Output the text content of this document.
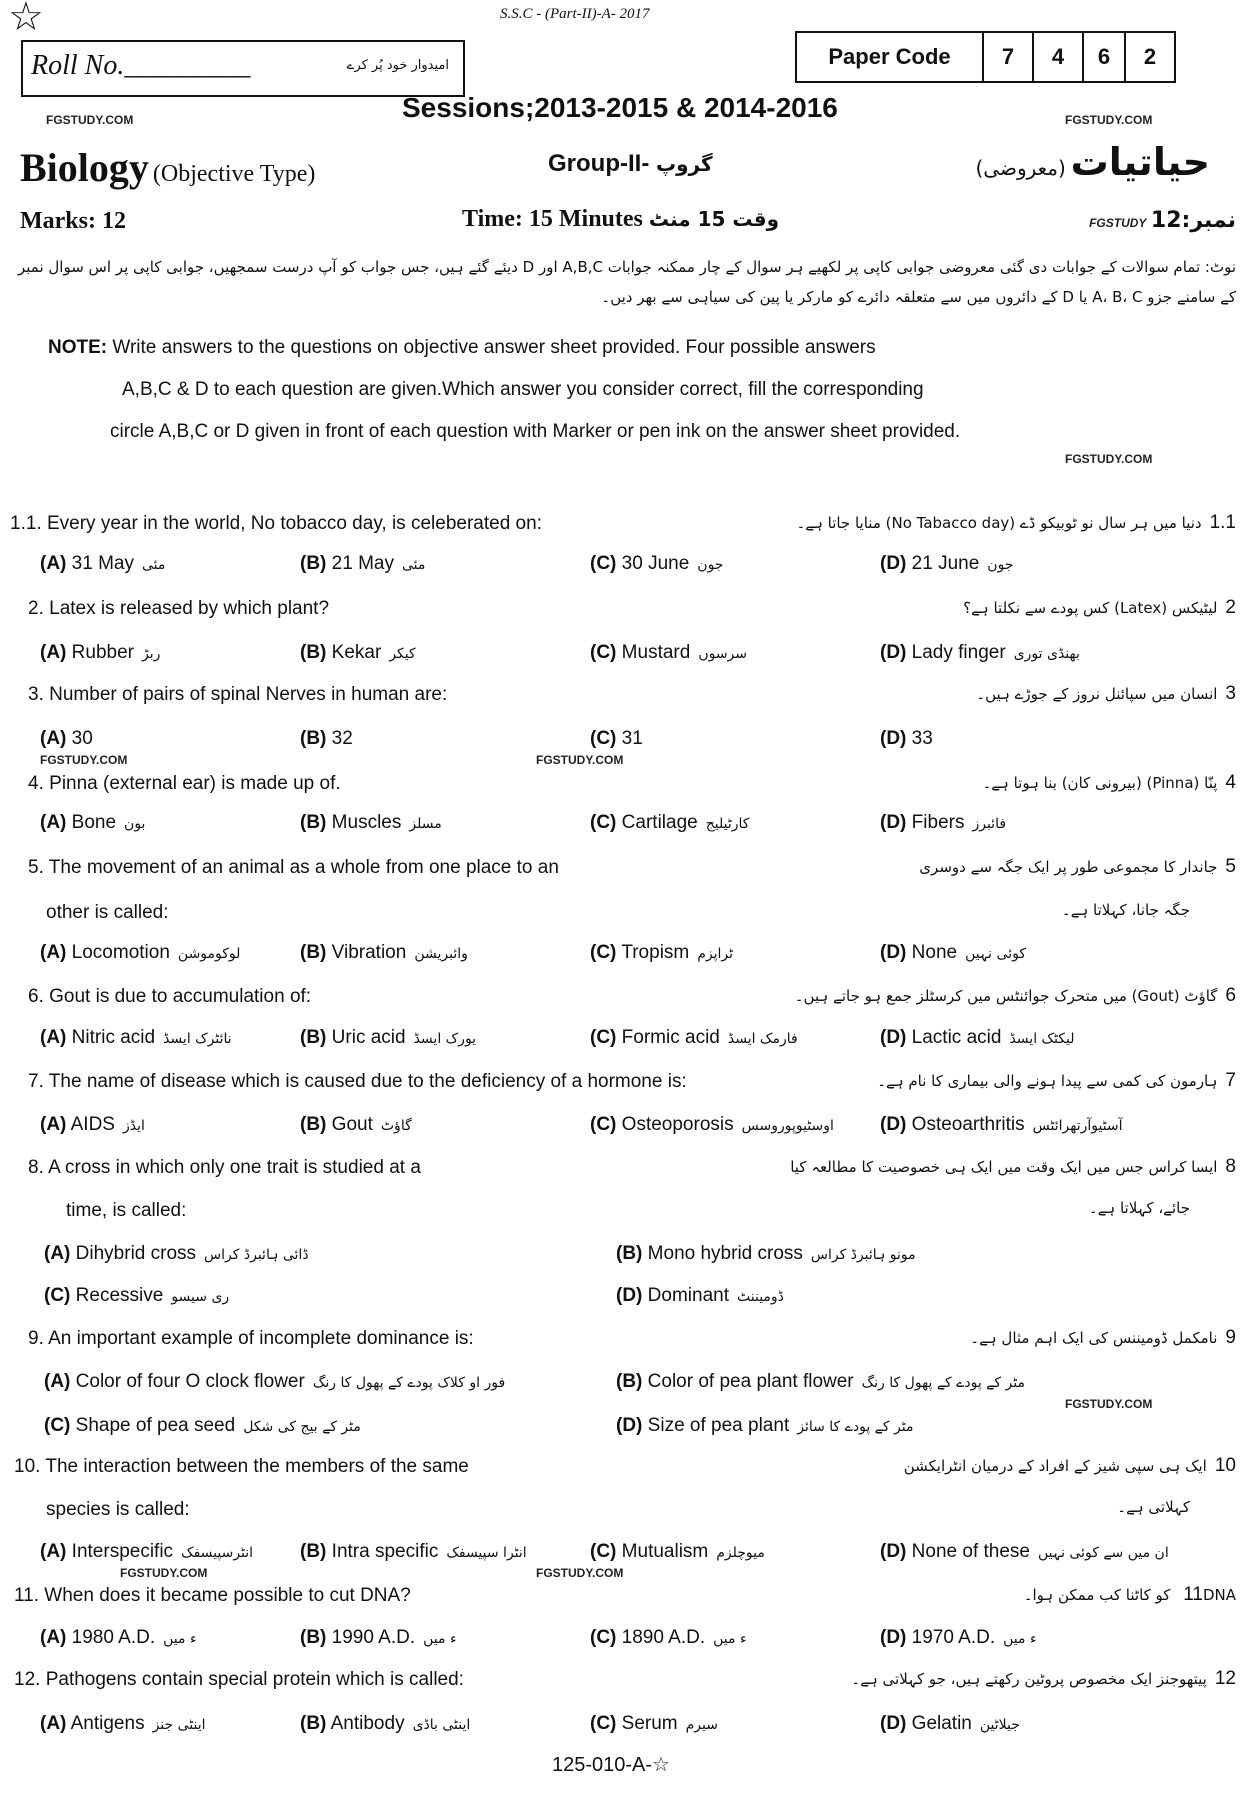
☆	S.S.C - (Part-II)-A- 2017
Roll No._________	امیدوار خود پُر کرے	Paper Code	7	4	6	2
Sessions;2013-2015 & 2014-2016
FGSTUDY.COM	FGSTUDY.COM
Biology (Objective Type)	Group-II- گروپ	حیاتیات (معروضی)
Marks: 12	Time: 15 Minutes وقت 15 منٹ	FGSTUDY نمبر:12
نوٹ: تمام سوالات کے جوابات دی گئی معروضی جوابی کاپی پر لکھیے ہر سوال کے چار ممکنہ جوابات A,B,C اور D دیئے گئے ہیں، جس جواب کو آپ درست سمجھیں، جوابی کاپی پر اس سوال نمبر
کے سامنے جزو A، B، C یا D کے دائروں میں سے متعلقہ دائرے کو مارکر یا پین کی سیاہی سے بھر دیں۔
NOTE: Write answers to the questions on objective answer sheet provided. Four possible answers
A,B,C & D to each question are given.Which answer you consider correct, fill the corresponding
circle A,B,C or D given in front of each question with Marker or pen ink on the answer sheet provided.
FGSTUDY.COM
1.1. Every year in the world, No tobacco day, is celeberated on:	1.1دنیا میں ہر سال نو ٹوبیکو ڈے (No Tabacco day) منایا جاتا ہے۔
(A) 31 May مئی	(B) 21 May مئی	(C) 30 June جون	(D) 21 June جون
2. Latex is released by which plant?	2لیٹیکس (Latex) کس پودے سے نکلتا ہے؟
(A) Rubber ربڑ	(B) Kekar کیکر	(C) Mustard سرسوں	(D) Lady finger بھنڈی توری
3. Number of pairs of spinal Nerves in human are:	3انسان میں سپائنل نروز کے جوڑے ہیں۔
(A) 30	(B) 32	(C) 31	(D) 33
4. Pinna (external ear) is made up of.	4پنّا (Pinna) (بیرونی کان) بنا ہوتا ہے۔
(A) Bone بون	(B) Muscles مسلز	(C) Cartilage کارٹیلیج	(D) Fibers فائبرز
5. The movement of an animal as a whole from one place to an
other is called:
5جاندار کا مجموعی طور پر ایک جگہ سے دوسری
جگہ جانا، کہلاتا ہے۔
(A) Locomotion لوکوموشن	(B) Vibration وائبریشن	(C) Tropism ٹراپزم	(D) None کوئی نہیں
6. Gout is due to accumulation of:	6گاؤٹ (Gout) میں متحرک جوائنٹس میں کرسٹلز جمع ہو جاتے ہیں۔
(A) Nitric acid نائٹرک ایسڈ	(B) Uric acid یورک ایسڈ	(C) Formic acid فارمک ایسڈ	(D) Lactic acid لیکٹک ایسڈ
7. The name of disease which is caused due to the deficiency of a hormone is:	7ہارمون کی کمی سے پیدا ہونے والی بیماری کا نام ہے۔
(A) AIDS ایڈز	(B) Gout گاؤٹ	(C) Osteoporosis اوسٹیوپوروسس (D) Osteoarthritis آسٹیوآرتھرائٹس
8. A cross in which only one trait is studied at a
time, is called:
8ایسا کراس جس میں ایک وقت میں ایک ہی خصوصیت کا مطالعہ کیا
جائے، کہلاتا ہے۔
(A) Dihybrid cross ڈائی ہائبرڈ کراس	(B) Mono hybrid cross مونو ہائبرڈ کراس
(C) Recessive ری سیسو	(D) Dominant ڈومیننٹ
9. An important example of incomplete dominance is:	9نامکمل ڈومیننس کی ایک اہم مثال ہے۔
(A) Color of four O clock flower فور او کلاک پودے کے پھول کا رنگ	(B) Color of pea plant flower مٹر کے پودے کے پھول کا رنگ
(C) Shape of pea seed مٹر کے بیج کی شکل	(D) Size of pea plant مٹر کے پودے کا سائز
10. The interaction between the members of the same
species is called:
10ایک ہی سپی شیز کے افراد کے درمیان انٹرایکشن
کہلاتی ہے۔
(A) Interspecific انٹرسپیسفک (B) Intra specific انٹرا سپیسفک	(C) Mutualism میوچلزم	(D) None of these ان میں سے کوئی نہیں
11. When does it became possible to cut DNA?	11DNA کو کاٹنا کب ممکن ہوا۔
(A) 1980 A.D. ء میں	(B) 1990 A.D. ء میں	(C) 1890 A.D. ء میں	(D) 1970 A.D. ء میں
12. Pathogens contain special protein which is called:	12پیتھوجنز ایک مخصوص پروٹین رکھتے ہیں، جو کہلاتی ہے۔
(A) Antigens اینٹی جنز	(B) Antibody اینٹی باڈی	(C) Serum سیرم	(D) Gelatin جیلاٹین
FGSTUDY.COM	FGSTUDY.COM
FGSTUDY.COM
FGSTUDY.COM
FGSTUDY.COM
125-010-A-☆
